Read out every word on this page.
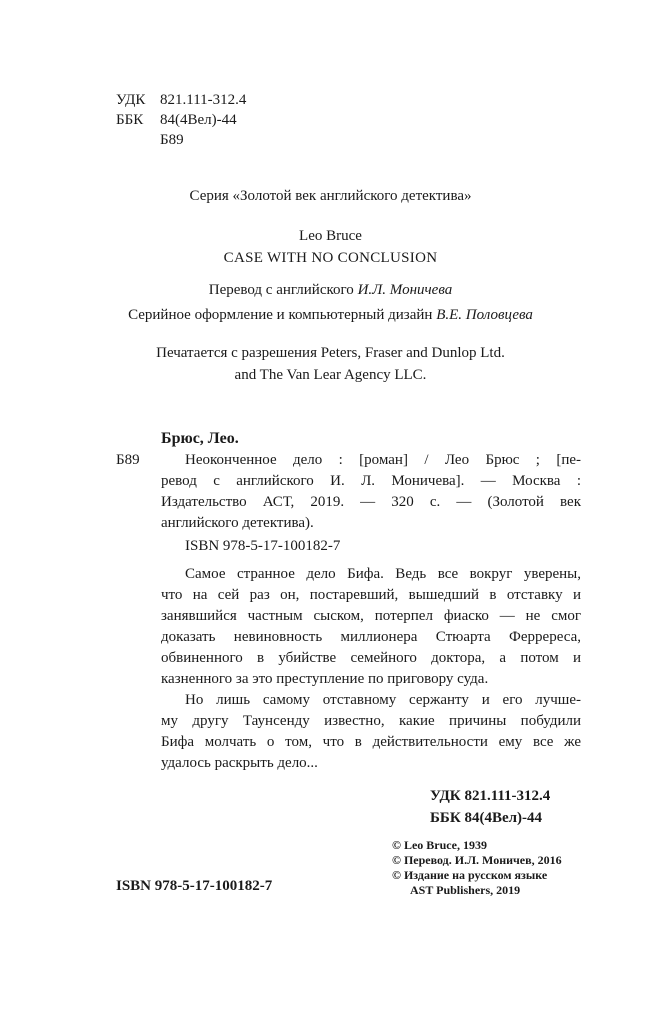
УДК 821.111-312.4
ББК 84(4Вел)-44
Б89
Серия «Золотой век английского детектива»
Leo Bruce
CASE WITH NO CONCLUSION
Перевод с английского И.Л. Моничева
Серийное оформление и компьютерный дизайн В.Е. Половцева
Печатается с разрешения Peters, Fraser and Dunlop Ltd.
and The Van Lear Agency LLC.
Брюс, Лео.
Б89	Неоконченное дело : [роман] / Лео Брюс ; [пе-
ревод с английского И. Л. Моничева]. — Москва :
Издательство АСТ, 2019. — 320 с. — (Золотой век
английского детектива).
ISBN 978-5-17-100182-7
Самое странное дело Бифа. Ведь все вокруг уверены,
что на сей раз он, постаревший, вышедший в отставку и
занявшийся частным сыском, потерпел фиаско — не смог
доказать невиновность миллионера Стюарта Ферререса,
обвиненного в убийстве семейного доктора, а потом и
казненного за это преступление по приговору суда.
Но лишь самому отставному сержанту и его лучше-
му другу Таунсенду известно, какие причины побудили
Бифа молчать о том, что в действительности ему все же
удалось раскрыть дело...
УДК 821.111-312.4
ББК 84(4Вел)-44
© Leo Bruce, 1939
© Перевод. И.Л. Моничев, 2016
© Издание на русском языке
AST Publishers, 2019
ISBN 978-5-17-100182-7
